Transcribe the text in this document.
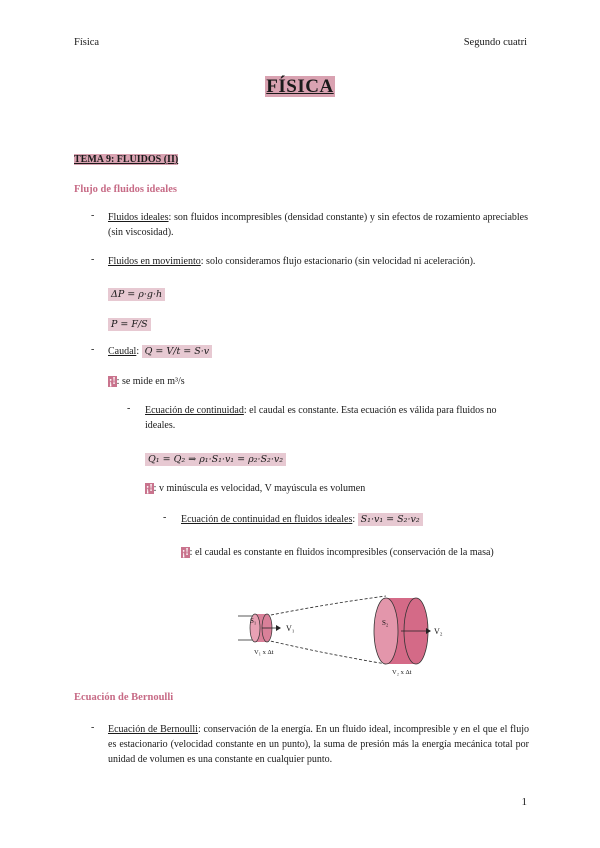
Física	Segundo cuatri
FÍSICA
TEMA 9: FLUIDOS (II)
Flujo de fluidos ideales
- Fluidos ideales: son fluidos incompresibles (densidad constante) y sin efectos de rozamiento apreciables (sin viscosidad).
- Fluidos en movimiento: solo consideramos flujo estacionario (sin velocidad ni aceleración).
ΔP = ρ·g·h
P = F/S
- Caudal: Q = V/t = S·v
¡!: se mide en m³/s
- Ecuación de continuidad: el caudal es constante. Esta ecuación es válida para fluidos no ideales.
Q₁ = Q₂ ⇒ ρ₁·S₁·v₁ = ρ₂·S₂·v₂
¡!: v minúscula es velocidad, V mayúscula es volumen
- Ecuación de continuidad en fluidos ideales: S₁·v₁ = S₂·v₂
¡!: el caudal es constante en fluidos incompresibles (conservación de la masa)
S₁
V₁
V₁ x Δt
S₂
V₂
V₂ x Δt
Ecuación de Bernoulli
- Ecuación de Bernoulli: conservación de la energía. En un fluido ideal, incompresible y en el que el flujo es estacionario (velocidad constante en un punto), la suma de presión más la energía mecánica total por unidad de volumen es una constante en cualquier punto.
1
